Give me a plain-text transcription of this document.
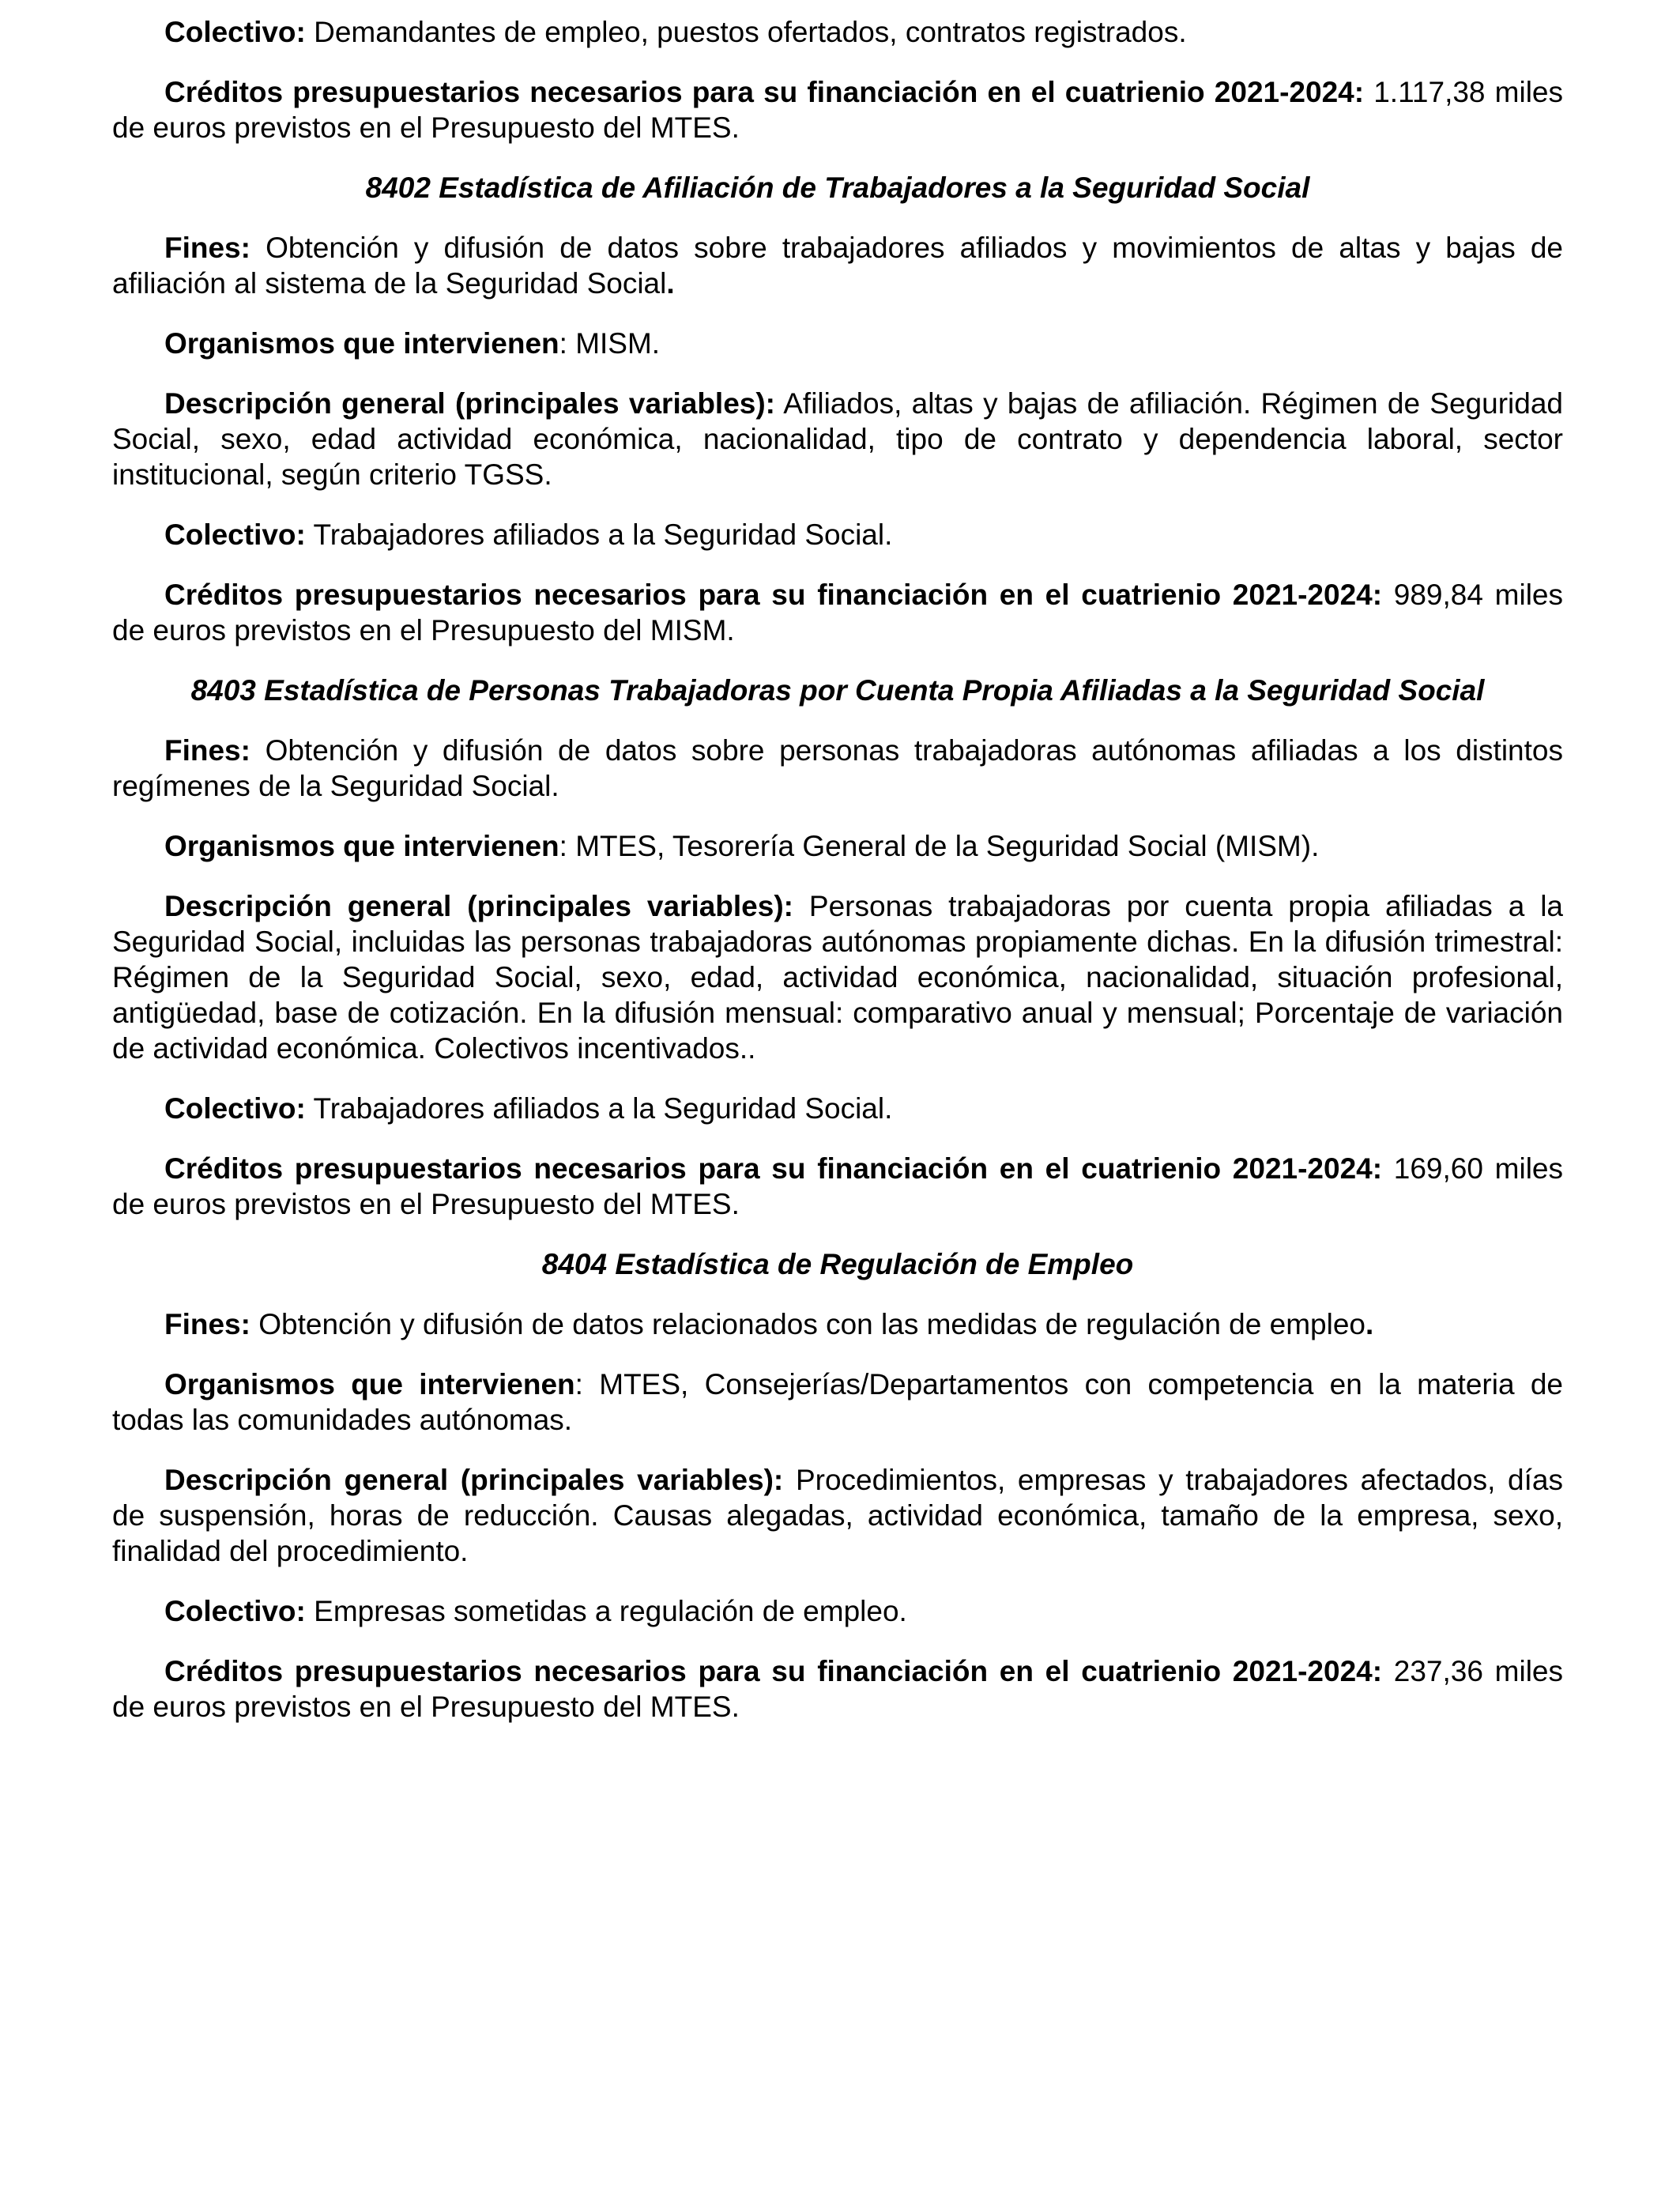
Colectivo: Demandantes de empleo, puestos ofertados, contratos registrados.

Créditos presupuestarios necesarios para su financiación en el cuatrienio 2021-2024: 1.117,38 miles de euros previstos en el Presupuesto del MTES.

8402 Estadística de Afiliación de Trabajadores a la Seguridad Social

Fines: Obtención y difusión de datos sobre trabajadores afiliados y movimientos de altas y bajas de afiliación al sistema de la Seguridad Social.

Organismos que intervienen: MISM.

Descripción general (principales variables): Afiliados, altas y bajas de afiliación. Régimen de Seguridad Social, sexo, edad actividad económica, nacionalidad, tipo de contrato y dependencia laboral, sector institucional, según criterio TGSS.

Colectivo: Trabajadores afiliados a la Seguridad Social.

Créditos presupuestarios necesarios para su financiación en el cuatrienio 2021-2024: 989,84 miles de euros previstos en el Presupuesto del MISM.

8403 Estadística de Personas Trabajadoras por Cuenta Propia Afiliadas a la Seguridad Social

Fines: Obtención y difusión de datos sobre personas trabajadoras autónomas afiliadas a los distintos regímenes de la Seguridad Social.

Organismos que intervienen: MTES, Tesorería General de la Seguridad Social (MISM).

Descripción general (principales variables): Personas trabajadoras por cuenta propia afiliadas a la Seguridad Social, incluidas las personas trabajadoras autónomas propiamente dichas. En la difusión trimestral: Régimen de la Seguridad Social, sexo, edad, actividad económica, nacionalidad, situación profesional, antigüedad, base de cotización. En la difusión mensual: comparativo anual y mensual; Porcentaje de variación de actividad económica. Colectivos incentivados..

Colectivo: Trabajadores afiliados a la Seguridad Social.

Créditos presupuestarios necesarios para su financiación en el cuatrienio 2021-2024: 169,60 miles de euros previstos en el Presupuesto del MTES.

8404 Estadística de Regulación de Empleo

Fines: Obtención y difusión de datos relacionados con las medidas de regulación de empleo.

Organismos que intervienen: MTES, Consejerías/Departamentos con competencia en la materia de todas las comunidades autónomas.

Descripción general (principales variables): Procedimientos, empresas y trabajadores afectados, días de suspensión, horas de reducción. Causas alegadas, actividad económica, tamaño de la empresa, sexo, finalidad del procedimiento.

Colectivo: Empresas sometidas a regulación de empleo.

Créditos presupuestarios necesarios para su financiación en el cuatrienio 2021-2024: 237,36 miles de euros previstos en el Presupuesto del MTES.
